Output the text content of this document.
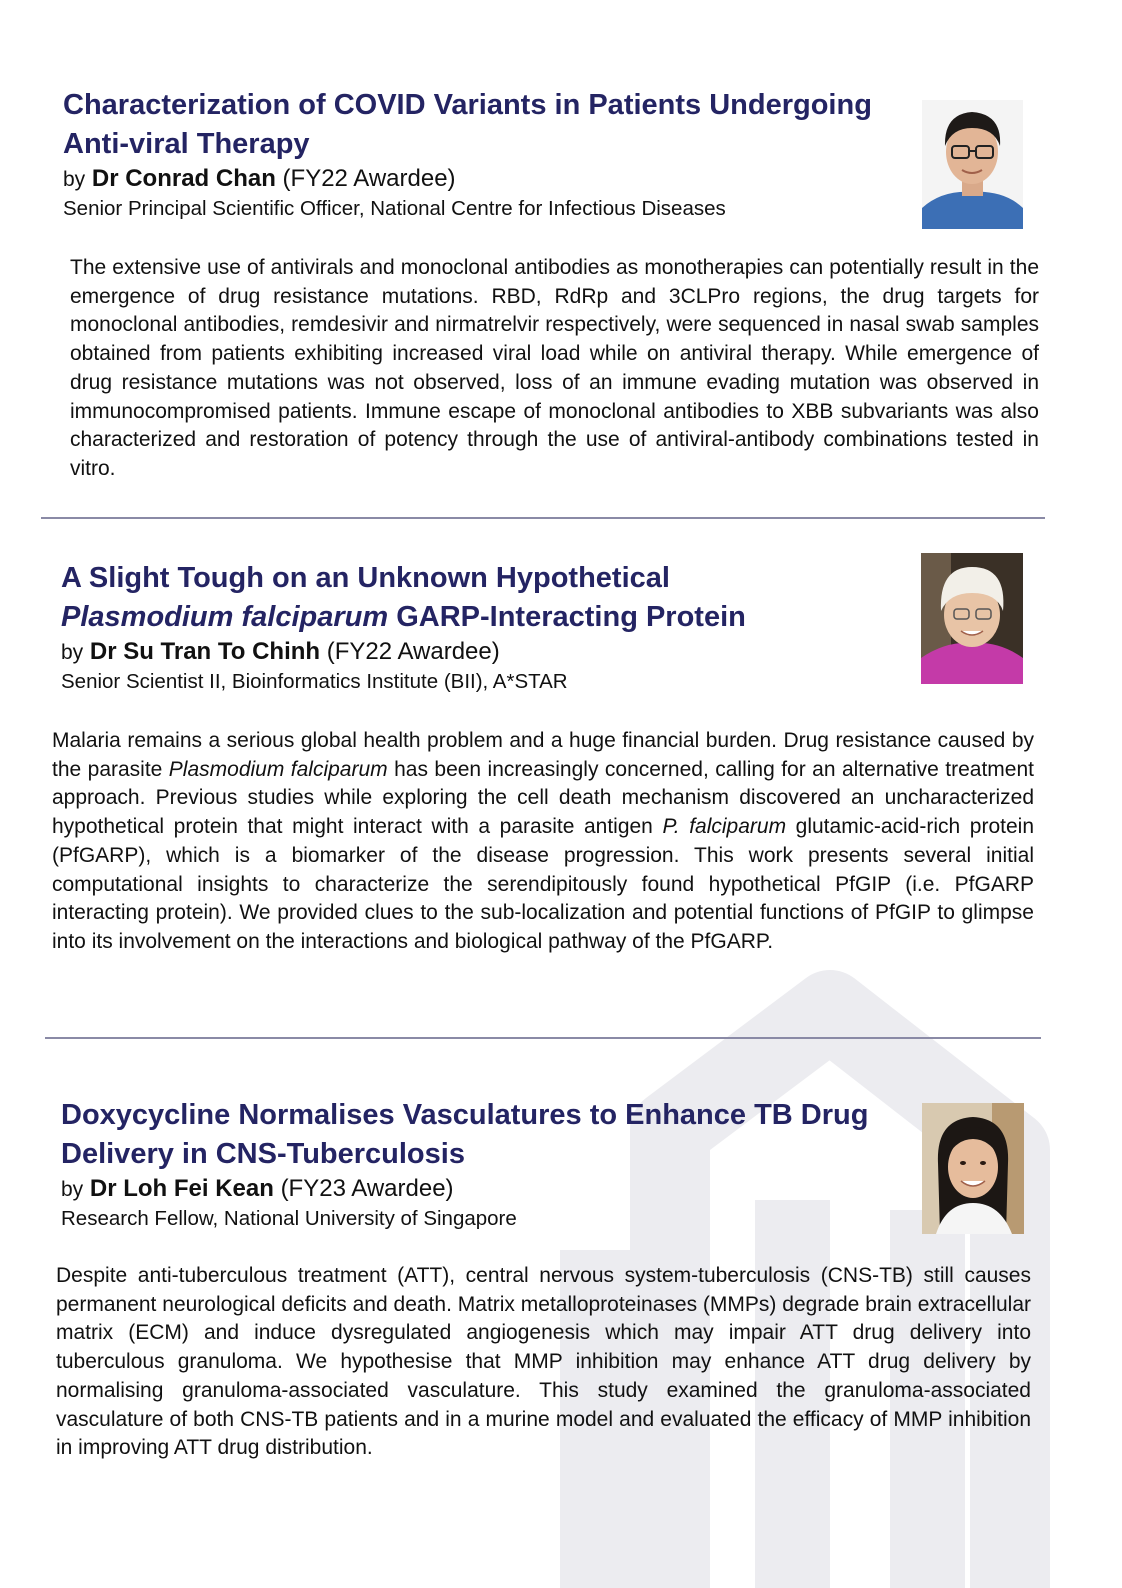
Characterization of COVID Variants in Patients Undergoing Anti-viral Therapy
by Dr Conrad Chan (FY22 Awardee)
Senior Principal Scientific Officer, National Centre for Infectious Diseases

The extensive use of antivirals and monoclonal antibodies as monotherapies can potentially result in the emergence of drug resistance mutations. RBD, RdRp and 3CLPro regions, the drug targets for monoclonal antibodies, remdesivir and nirmatrelvir respectively, were sequenced in nasal swab samples obtained from patients exhibiting increased viral load while on antiviral therapy. While emergence of drug resistance mutations was not observed, loss of an immune evading mutation was observed in immunocompromised patients. Immune escape of monoclonal antibodies to XBB subvariants was also characterized and restoration of potency through the use of antiviral-antibody combinations tested in vitro.

A Slight Tough on an Unknown Hypothetical
Plasmodium falciparum GARP-Interacting Protein
by Dr Su Tran To Chinh (FY22 Awardee)
Senior Scientist II, Bioinformatics Institute (BII), A*STAR

Malaria remains a serious global health problem and a huge financial burden. Drug resistance caused by the parasite Plasmodium falciparum has been increasingly concerned, calling for an alternative treatment approach. Previous studies while exploring the cell death mechanism discovered an uncharacterized hypothetical protein that might interact with a parasite antigen P. falciparum glutamic-acid-rich protein (PfGARP), which is a biomarker of the disease progression. This work presents several initial computational insights to characterize the serendipitously found hypothetical PfGIP (i.e. PfGARP interacting protein). We provided clues to the sub-localization and potential functions of PfGIP to glimpse into its involvement on the interactions and biological pathway of the PfGARP.

Doxycycline Normalises Vasculatures to Enhance TB Drug  Delivery in CNS-Tuberculosis
by Dr Loh Fei Kean (FY23 Awardee)
Research Fellow, National University of Singapore

Despite anti-tuberculous treatment (ATT), central nervous system-tuberculosis (CNS-TB) still causes permanent neurological deficits and death. Matrix metalloproteinases (MMPs) degrade brain extracellular matrix (ECM) and induce dysregulated angiogenesis which may impair ATT drug delivery into tuberculous granuloma. We hypothesise that MMP inhibition may enhance ATT drug delivery by normalising granuloma-associated vasculature. This study examined the granuloma-associated vasculature of both CNS-TB patients and in a murine model and evaluated the efficacy of MMP inhibition in improving ATT drug distribution.
